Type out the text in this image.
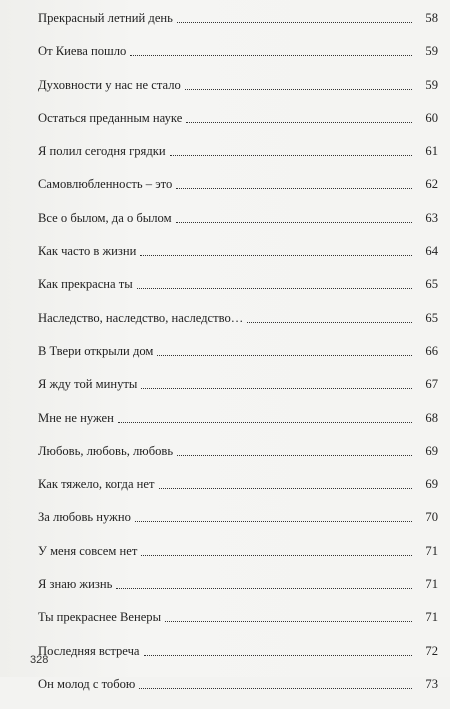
Прекрасный летний день	58
От Киева пошло	59
Духовности у нас не стало	59
Остаться преданным науке	60
Я полил сегодня грядки	61
Самовлюбленность – это	62
Все о былом, да о былом	63
Как часто в жизни	64
Как прекрасна ты	65
Наследство, наследство, наследство…	65
В Твери открыли дом	66
Я жду той минуты	67
Мне не нужен	68
Любовь, любовь, любовь	69
Как тяжело, когда нет	69
За любовь нужно	70
У меня совсем нет	71
Я знаю жизнь	71
Ты прекраснее Венеры	71
Последняя встреча	72
Он молод с тобою	73
328
